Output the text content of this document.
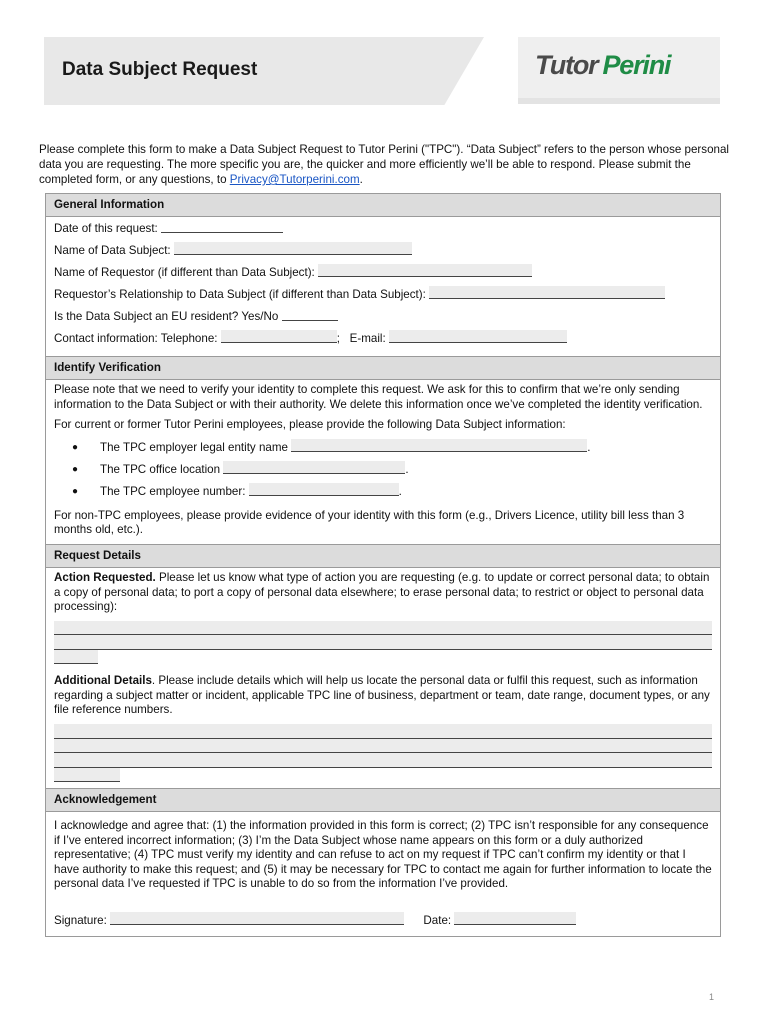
Data Subject Request	Tutor Perini
Please complete this form to make a Data Subject Request to Tutor Perini ("TPC"). “Data Subject” refers to the person whose personal data you are requesting. The more specific you are, the quicker and more efficiently we’ll be able to respond. Please submit the completed form, or any questions, to Privacy@Tutorperini.com.
General Information
Date of this request:
Name of Data Subject:
Name of Requestor (if different than Data Subject):
Requestor’s Relationship to Data Subject (if different than Data Subject):
Is the Data Subject an EU resident? Yes/No
Contact information: Telephone:	; E-mail:
Identify Verification
Please note that we need to verify your identity to complete this request. We ask for this to confirm that we’re only sending information to the Data Subject or with their authority. We delete this information once we’ve completed the identity verification.
For current or former Tutor Perini employees, please provide the following Data Subject information:
● The TPC employer legal entity name	.
● The TPC office location	.
● The TPC employee number:	.
For non-TPC employees, please provide evidence of your identity with this form (e.g., Drivers Licence, utility bill less than 3 months old, etc.).
Request Details
Action Requested. Please let us know what type of action you are requesting (e.g. to update or correct personal data; to obtain a copy of personal data; to port a copy of personal data elsewhere; to erase personal data; to restrict or object to personal data processing):
Additional Details. Please include details which will help us locate the personal data or fulfil this request, such as information regarding a subject matter or incident, applicable TPC line of business, department or team, date range, document types, or any file reference numbers.
Acknowledgement
I acknowledge and agree that: (1) the information provided in this form is correct; (2) TPC isn’t responsible for any consequence if I’ve entered incorrect information; (3) I’m the Data Subject whose name appears on this form or a duly authorized representative; (4) TPC must verify my identity and can refuse to act on my request if TPC can’t confirm my identity or that I have authority to make this request; and (5) it may be necessary for TPC to contact me again for further information to locate the personal data I’ve requested if TPC is unable to do so from the information I’ve provided.
Signature:	Date:
1
